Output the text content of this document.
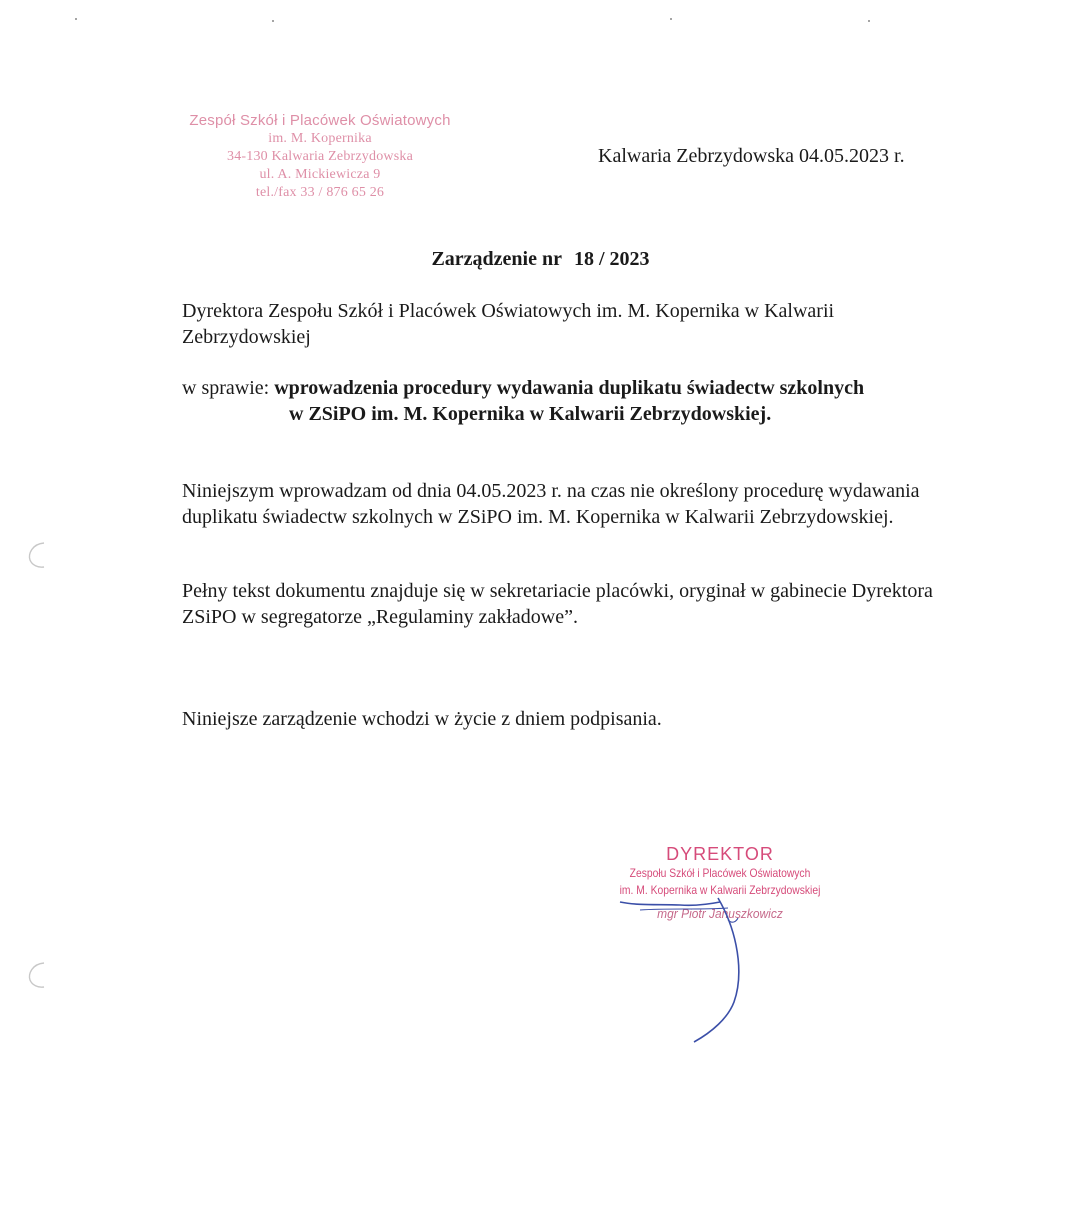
Zespół Szkół i Placówek Oświatowych
im. M. Kopernika
34-130 Kalwaria Zebrzydowska
ul. A. Mickiewicza 9
tel./fax 33 / 876 65 26
Kalwaria Zebrzydowska 04.05.2023 r.
Zarządzenie nr 18 / 2023
Dyrektora Zespołu Szkół i Placówek Oświatowych im. M. Kopernika w Kalwarii Zebrzydowskiej
w sprawie: wprowadzenia procedury wydawania duplikatu świadectw szkolnych
w ZSiPO im. M. Kopernika w Kalwarii Zebrzydowskiej.
Niniejszym wprowadzam od dnia 04.05.2023 r. na czas nie określony procedurę wydawania duplikatu świadectw szkolnych w ZSiPO im. M. Kopernika w Kalwarii Zebrzydowskiej.
Pełny tekst dokumentu znajduje się w sekretariacie placówki, oryginał w gabinecie Dyrektora ZSiPO w segregatorze „Regulaminy zakładowe”.
Niniejsze zarządzenie wchodzi w życie z dniem podpisania.
DYREKTOR
Zespołu Szkół i Placówek Oświatowych
im. M. Kopernika w Kalwarii Zebrzydowskiej
mgr Piotr Januszkowicz
